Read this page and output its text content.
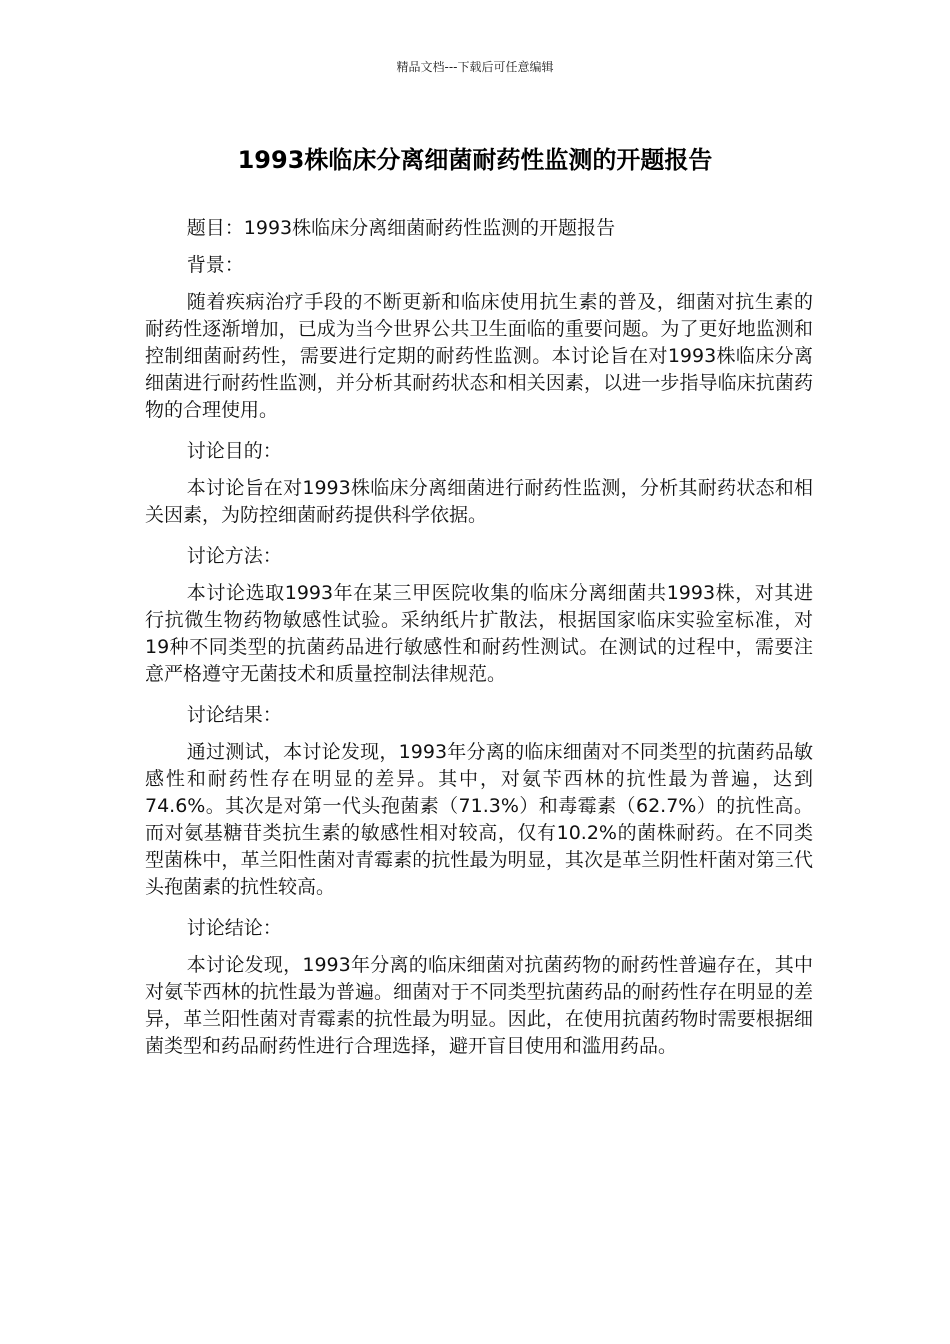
精品文档---下载后可任意编辑
1993株临床分离细菌耐药性监测的开题报告

题目：1993株临床分离细菌耐药性监测的开题报告

背景：

随着疾病治疗手段的不断更新和临床使用抗生素的普及，细菌对抗生素的耐药性逐渐增加，已成为当今世界公共卫生面临的重要问题。为了更好地监测和控制细菌耐药性，需要进行定期的耐药性监测。本讨论旨在对1993株临床分离细菌进行耐药性监测，并分析其耐药状态和相关因素，以进一步指导临床抗菌药物的合理使用。

讨论目的：

本讨论旨在对1993株临床分离细菌进行耐药性监测，分析其耐药状态和相关因素，为防控细菌耐药提供科学依据。

讨论方法：

本讨论选取1993年在某三甲医院收集的临床分离细菌共1993株，对其进行抗微生物药物敏感性试验。采纳纸片扩散法，根据国家临床实验室标准，对19种不同类型的抗菌药品进行敏感性和耐药性测试。在测试的过程中，需要注意严格遵守无菌技术和质量控制法律规范。

讨论结果：

通过测试，本讨论发现，1993年分离的临床细菌对不同类型的抗菌药品敏感性和耐药性存在明显的差异。其中，对氨苄西林的抗性最为普遍，达到74.6%。其次是对第一代头孢菌素（71.3%）和毒霉素（62.7%）的抗性高。而对氨基糖苷类抗生素的敏感性相对较高，仅有10.2%的菌株耐药。在不同类型菌株中，革兰阳性菌对青霉素的抗性最为明显，其次是革兰阴性杆菌对第三代头孢菌素的抗性较高。

讨论结论：

本讨论发现，1993年分离的临床细菌对抗菌药物的耐药性普遍存在，其中对氨苄西林的抗性最为普遍。细菌对于不同类型抗菌药品的耐药性存在明显的差异，革兰阳性菌对青霉素的抗性最为明显。因此，在使用抗菌药物时需要根据细菌类型和药品耐药性进行合理选择，避开盲目使用和滥用药品。
